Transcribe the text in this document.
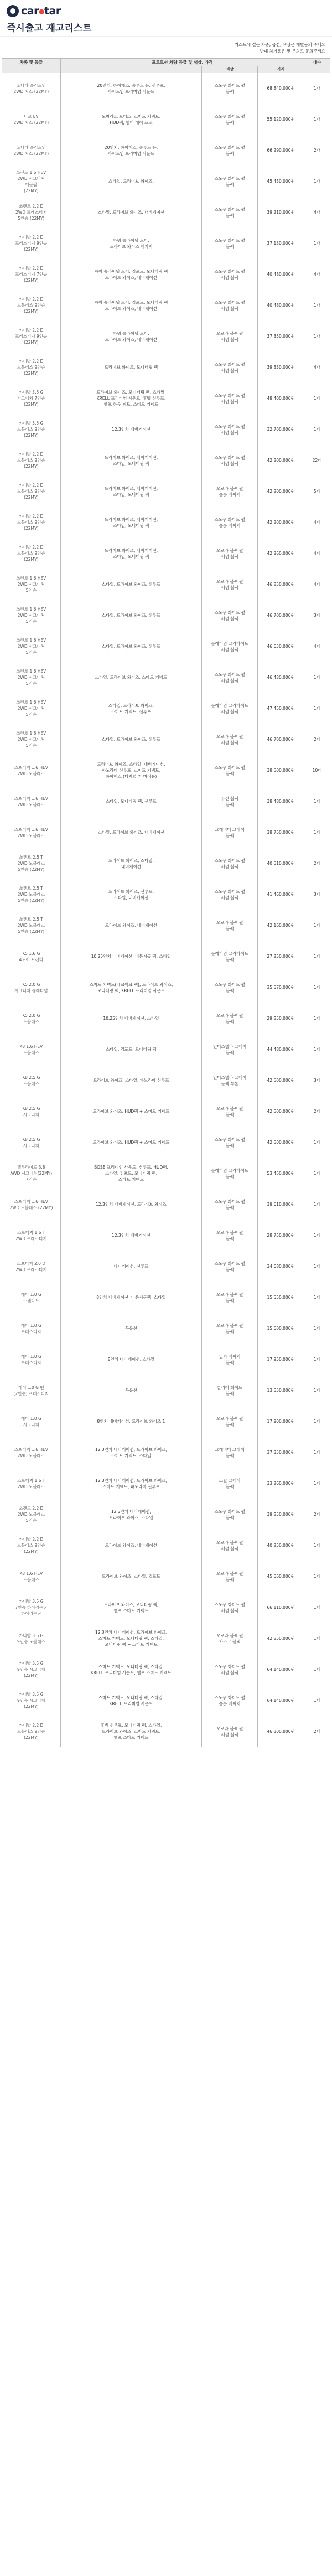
car●tar
즉시출고 재고리스트
카스트에 걸는 차종, 옵션, 색상은 개별문의 주세요
반대 차기용은 및 문의도 문의주세요
차종 및 등급	프로모션 차량 등급 및 색상, 가격			대수
		색상	가격	
쏘나타 플러드인
2WD 쳐스 (22MY)	20인치, 하이패스, 슬루토 등, 선루프,
파퍼드인 프리미엄 사운드	스노우 화이트 펄
블랙	68,840,000원	1대
니로 EV
2WD 쳐스 (22MY)	도마라스 모터스, 스마트 커넥트,
HUD팩, 헬터 레이 표조	스노우 화이트 펄
블랙	55,120,000원	1대
쏘나타 플러드인
2WD 쳐스 (22MY)	20인치, 하이패스, 슬루토 등,
파퍼드인 프리미엄 사운드	스노우 화이트 펄
블랙	66,290,000원	2대
쏘렌토 1.6 HEV
2WD 시그니처
더블팝
(22MY)	스타일, 드라이브 와이즈,	스노우 화이트 펄
블랙	45,430,000원	1대
쏘렌토 2.2 D
2WD 프레스티지
5인승 (22MY)	스타일, 드라이브 와이즈, 내비게이션	스노우 화이트 펄
블랙	39,210,000원	4대
카니발 2.2 D
프레스티지 9인승
(22MY)	파워 슬라이딩 도어,
드라이브 와이즈 패키지	스노우 화이트 펄
블랙	37,130,000원	1대
카니발 2.2 D
프레스티지 7인승
(22MY)	파워 슬라이딩 도어, 컴포트, 모니터링 팩
드라이브 와이즈, 내비게이션	스노우 화이트 펄
세럼 블랙	40,480,000원	4대
카니발 2.2 D
노블레스 9인승
(22MY)	파워 슬라이딩 도어, 컴포트, 모니터링 팩
드라이브 와이즈, 내비게이션	스노우 화이트 펄
세럼 블랙	40,480,000원	1대
카니발 2.2 D
프레스티지 9인승
(22MY)	파워 슬라이딩 도어,
드라이브 와이즈, 내비게이션	오로라 블랙 펄
세럼 블랙	37,350,000원	1대
카니발 2.2 D
노블레스 9인승
(22MY)	드라이브 와이즈, 모니터링 팩	스노우 화이트 펄
세럼 블랙	39,330,000원	4대
카니발 3.5 G
시그니처 7인승
(22MY)	드라이브 와이즈, 모니터링 팩, 스타일,
KRELL 프리미엄 사운드, 후방 선루프,
헬프 하우 씨트, 스마트 커넥트	스노우 화이트 펄
세럼 블랙	48,400,000원	1대
카니발 3.5 G
노블레스 9인승
(22MY)	12.3인치 내비게이션	스노우 화이트 펄
세럼 블랙	32,700,000원	1대
카니발 2.2 D
노블레스 9인승
(22MY)	드라이브 와이즈, 내비게이션,
스타일, 모니터링 팩	스노우 화이트 펄
세럼 블랙	42,200,000원	22대
카니발 2.2 D
노블레스 9인승
(22MY)	드라이브 와이즈, 내비게이션,
스타일, 모니터링 팩	오로라 블랙 펄
플롯 베이지	42,200,000원	5대
카니발 2.2 D
노블레스 9인승
(22MY)	드라이브 와이즈, 내비게이션,
스타일, 모니터링 팩	스노우 화이트 펄
플롯 베이지	42,200,000원	4대
카니발 2.2 D
노블레스 9인승
(22MY)	드라이브 와이즈, 내비게이션,
스타일, 모니터링 팩	오로라 블랙 펄
세럼 블랙	42,260,000원	4대
쏘렌토 1.6 HEV
2WD 시그니처
5인승	스타일, 드라이브 와이즈, 선루프	오로라 블랙 펄
세럼 블랙	46,850,000원	4대
쏘렌토 1.6 HEV
2WD 시그니처
5인승	스타일, 드라이브 와이즈, 선루프	스노우 화이트 펄
세럼 블랙	46,700,000원	3대
쏘렌토 1.6 HEV
2WD 시그니처
5인승	스타일, 드라이브 와이즈, 선루프	플래티넘 그라파이트
세럼 블랙	46,650,000원	4대
쏘렌토 1.6 HEV
2WD 시그니처
5인승	스타일, 드라이브 와이즈, 스마트 커넥트	스노우 화이트 펄
세럼 블랙	46,430,000원	1대
쏘렌토 1.6 HEV
2WD 시그니처
5인승	스타일, 드라이브 와이즈,
스마트 커넥트, 선루프	플래티넘 그라파이트
세럼 블랙	47,450,000원	1대
쏘렌토 1.6 HEV
2WD 시그니처
5인승	스타일, 드라이브 와이즈, 선루프	오로라 블랙 펄
세럼 블랙	46,700,000원	2대
스포티지 1.6 HEV
2WD 노블레스	드라이브 와이즈, 스타일, 내비게이션,
파노라마 선루프, 스마트 커넥트,
하이패스 (디지털 키 미적용)	스노우 화이트 펄
블랙	38,500,000원	10대
스포티지 1.6 HEV
2WD 노블레스	스타일, 모니터링 팩, 선루프	퓨전 블랙
블랙	38,480,000원	1대
스포티지 1.6 HEV
2WD 노블레스	스타일, 드라이브 와이즈, 내비게이션	그래비티 그레이
블랙	38,750,000원	1대
쏘렌토 2.5 T
2WD 노블레스
5인승 (22MY)	드라이브 와이즈, 스타일,
내비게이션	스노우 화이트 펄
세럼 블랙	40,510,000원	2대
쏘렌토 2.5 T
2WD 노블레스
5인승 (22MY)	드라이브 와이즈, 선루프,
스타일, 내비게이션	스노우 화이트 펄
세럼 블랙	41,460,000원	3대
쏘렌토 2.5 T
2WD 노블레스
5인승 (22MY)	드라이브 와이즈, 내비게이션	오로라 블랙 펄
블랙	42,160,000원	1대
K5 1.6 G
4도어 트렌디	10.25인치 내비게이션, 버튼시동 팩, 스타일	플래티넘 그라파이트
블랙	27,250,000원	1대
K5 2.0 G
시그니처 플래티넘	스마트 커넥트(네크워크 팩), 드라이브 와이즈,
모니터링 팩, KRELL 프리미엄 사운드	스노우 화이트 펄
블랙	35,570,000원	1대
K5 2.0 G
노블레스	10.25인치 내비게이션, 스타일	오로라 블랙 펄
블랙	29,850,000원	1대
K8 1.6 HEV
노블레스	스타일, 컴포트, 모니터링 팩	인터스텔라 그레이
블랙	44,480,000원	1대
K8 2.5 G
노블레스	드라이브 와이즈, 스타일, 파노라마 선루프	인터스텔라 그레이
블랙 투톤	42,500,000원	3대
K8 2.5 G
시그니처	드라이브 와이즈, HUD팩 + 스마트 커넥트	오로라 블랙 펄
블랙	42,500,000원	2대
K8 2.5 G
시그니처	드라이브 와이즈, HUD팩 + 스마트 커넥트	스노우 화이트 펄
블랙	42,500,000원	1대
텔루라이드 3.8
AWD 시그니처(22MY)
7인승	BOSE 프리미엄 사운드, 선루프, HUD팩,
스타일, 컴포트, 모니터링 팩,
스마트 커넥트	플래티넘 그라파이트
블랙	53,450,000원	1대
스포티지 1.6 HEV
2WD 노블레스 (22MY)	12.3인치 내비게이션, 드라이브 와이즈	스노우 화이트 펄
블랙	39,610,000원	1대
스포티지 1.6 T
2WD 프레스티지	12.3인치 내비게이션	오로라 블랙 펄
블랙	28,750,000원	1대
스포티지 2.0 D
2WD 프레스티지	내비게이션, 선루프	스노우 화이트 펄
블랙	34,680,000원	1대
레이 1.0 G
스탠다드	8인치 내비게이션, 버튼시동팩, 스타일	오로라 블랙 펄
블랙	15,550,000원	1대
레이 1.0 G
프레스티지	무옵션	오로라 블랙 펄
블랙	15,600,000원	1대
레이 1.0 G
프레스티지	8인치 내비게이션, 스타일	밀키 베이지
블랙	17,950,000원	1대
레이 1.0 G 밴
(2인승) 프레스티지	무옵션	클리어 화이트
블랙	13,550,000원	1대
레이 1.0 G
시그니처	8인치 내비게이션, 드라이브 와이즈 1	오로라 블랙 펄
블랙	17,900,000원	1대
스포티지 1.6 HEV
2WD 노블레스	12.3인치 내비게이션, 드라이브 와이즈,
스마트 커넥트, 스타일	그래비티 그레이
블랙	37,350,000원	1대
스포티지 1.6 T
2WD 노블레스	12.3인치 내비게이션, 드라이브 와이즈,
스마트 커넥트, 파노라마 선루프	스틸 그레이
블랙	33,260,000원	1대
쏘렌토 2.2 D
2WD 노블레스
5인승	12.3인치 내비게이션,
드라이브 와이즈, 스타일	스노우 화이트 펄
블랙	39,850,000원	2대
카니발 2.2 D
노블레스 9인승
(22MY)	드라이브 와이즈, 내비게이션	오로라 블랙 펄
세럼 블랙	40,250,000원	1대
K8 1.6 HEV
노블레스	드라이브 와이즈, 스타일, 컴포트	오로라 블랙 펄
블랙	45,660,000원	1대
카니발 3.5 G
7인승 하이리무진
하이리무진	드라이브 와이즈, 모니터링 팩,
헬프 스마트 커넥트	스노우 화이트 펄
세럼 블랙	66,110,000원	1대
카니발 3.5 G
9인승 노블레스	12.3인치 내비게이션, 드라이브 와이즈,
스마트 커넥트, 모니터링 팩, 스타일,
모니터링 팩 + 스마트 커넥트	오로라 블랙 펄
카스고 블랙	42,850,000원	1대
카니발 3.5 G
9인승 시그니처
(22MY)	스마트 커넥트, 모니터링 팩, 스타일,
KRELL 프리미엄 사운드, 헬프 스마트 커넥트	스노우 화이트 펄
세럼 블랙	64,140,000원	1대
카니발 3.5 G
9인승 시그니처
(22MY)	스마트 커넥트, 모니터링 팩, 스타일,
KRELL 프리미엄 사운드	스노우 화이트 펄
플롯 베이지	64,140,000원	1대
카니발 2.2 D
노블레스 9인승
(22MY)	후방 선루프, 모니터링 팩, 스타일,
드라이브 와이즈, 스마트 커넥트,
헬프 스마트 커넥트	오로라 블랙 펄
세럼 블랙	46,300,000원	2대
